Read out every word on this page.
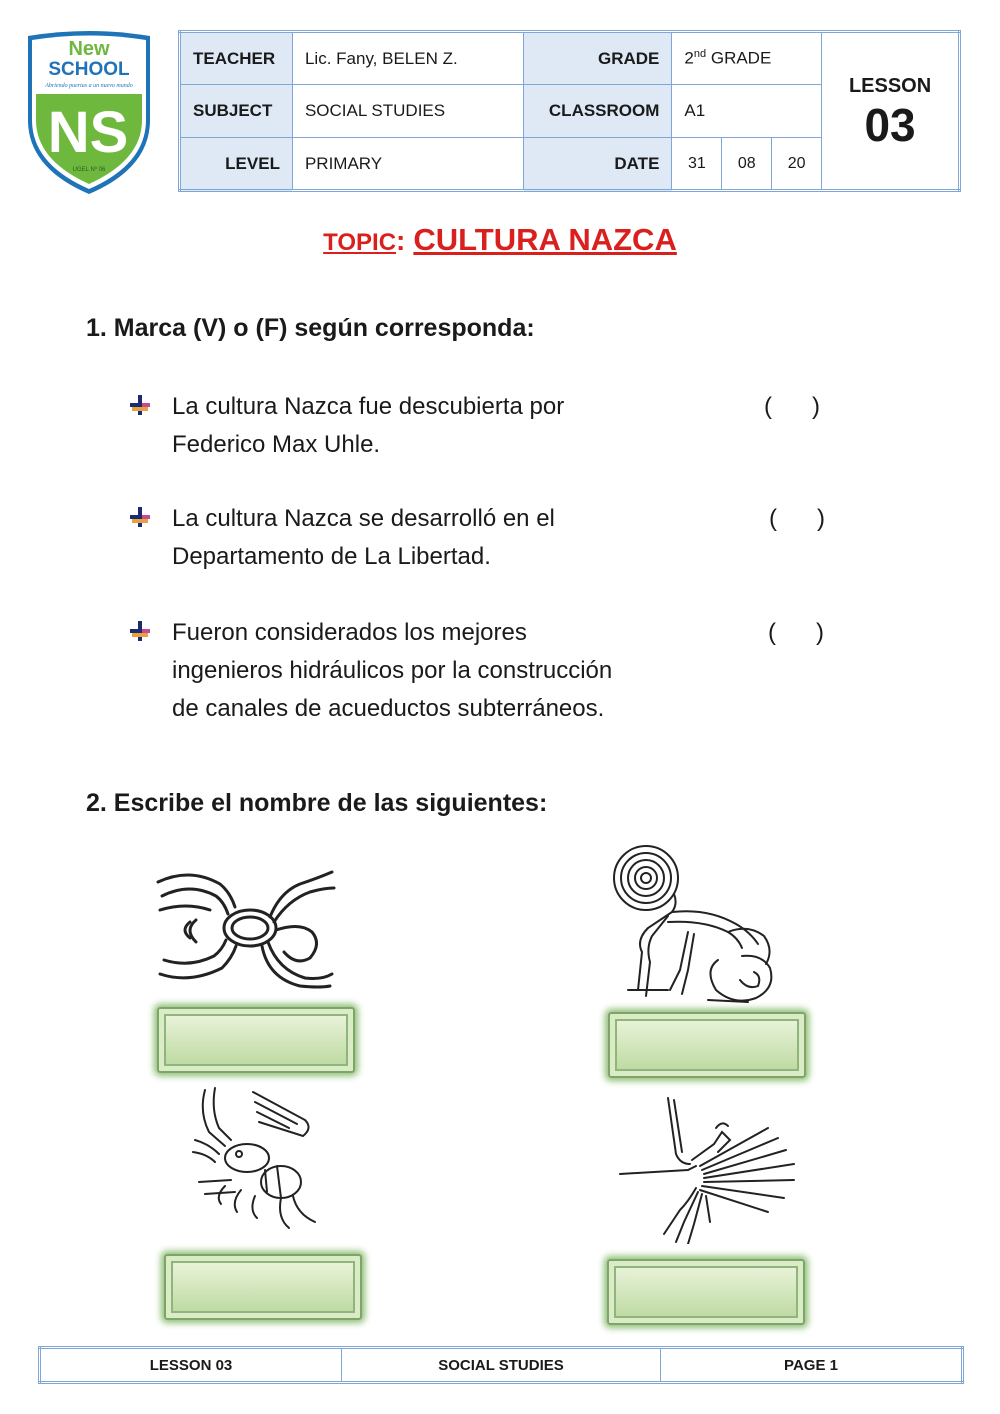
New
SCHOOL
Abriendo puertas a un nuevo mundo
NS
UGEL Nº 06
TEACHER	Lic. Fany, BELEN Z.	GRADE	2nd GRADE			LESSON
03

SUBJECT	SOCIAL STUDIES	CLASSROOM	A1			
LEVEL	PRIMARY	DATE	31	08	20	
TOPIC: CULTURA NAZCA
1. Marca (V) o (F) según corresponda:
La cultura Nazca fue descubierta por
Federico Max Uhle.
(      )
La cultura Nazca se desarrolló en el
Departamento de La Libertad.
(      )
Fueron considerados los mejores
ingenieros hidráulicos por la construcción
de canales de acueductos subterráneos.
(      )
2. Escribe el nombre de las siguientes:
LESSON 03	SOCIAL STUDIES	PAGE 1
